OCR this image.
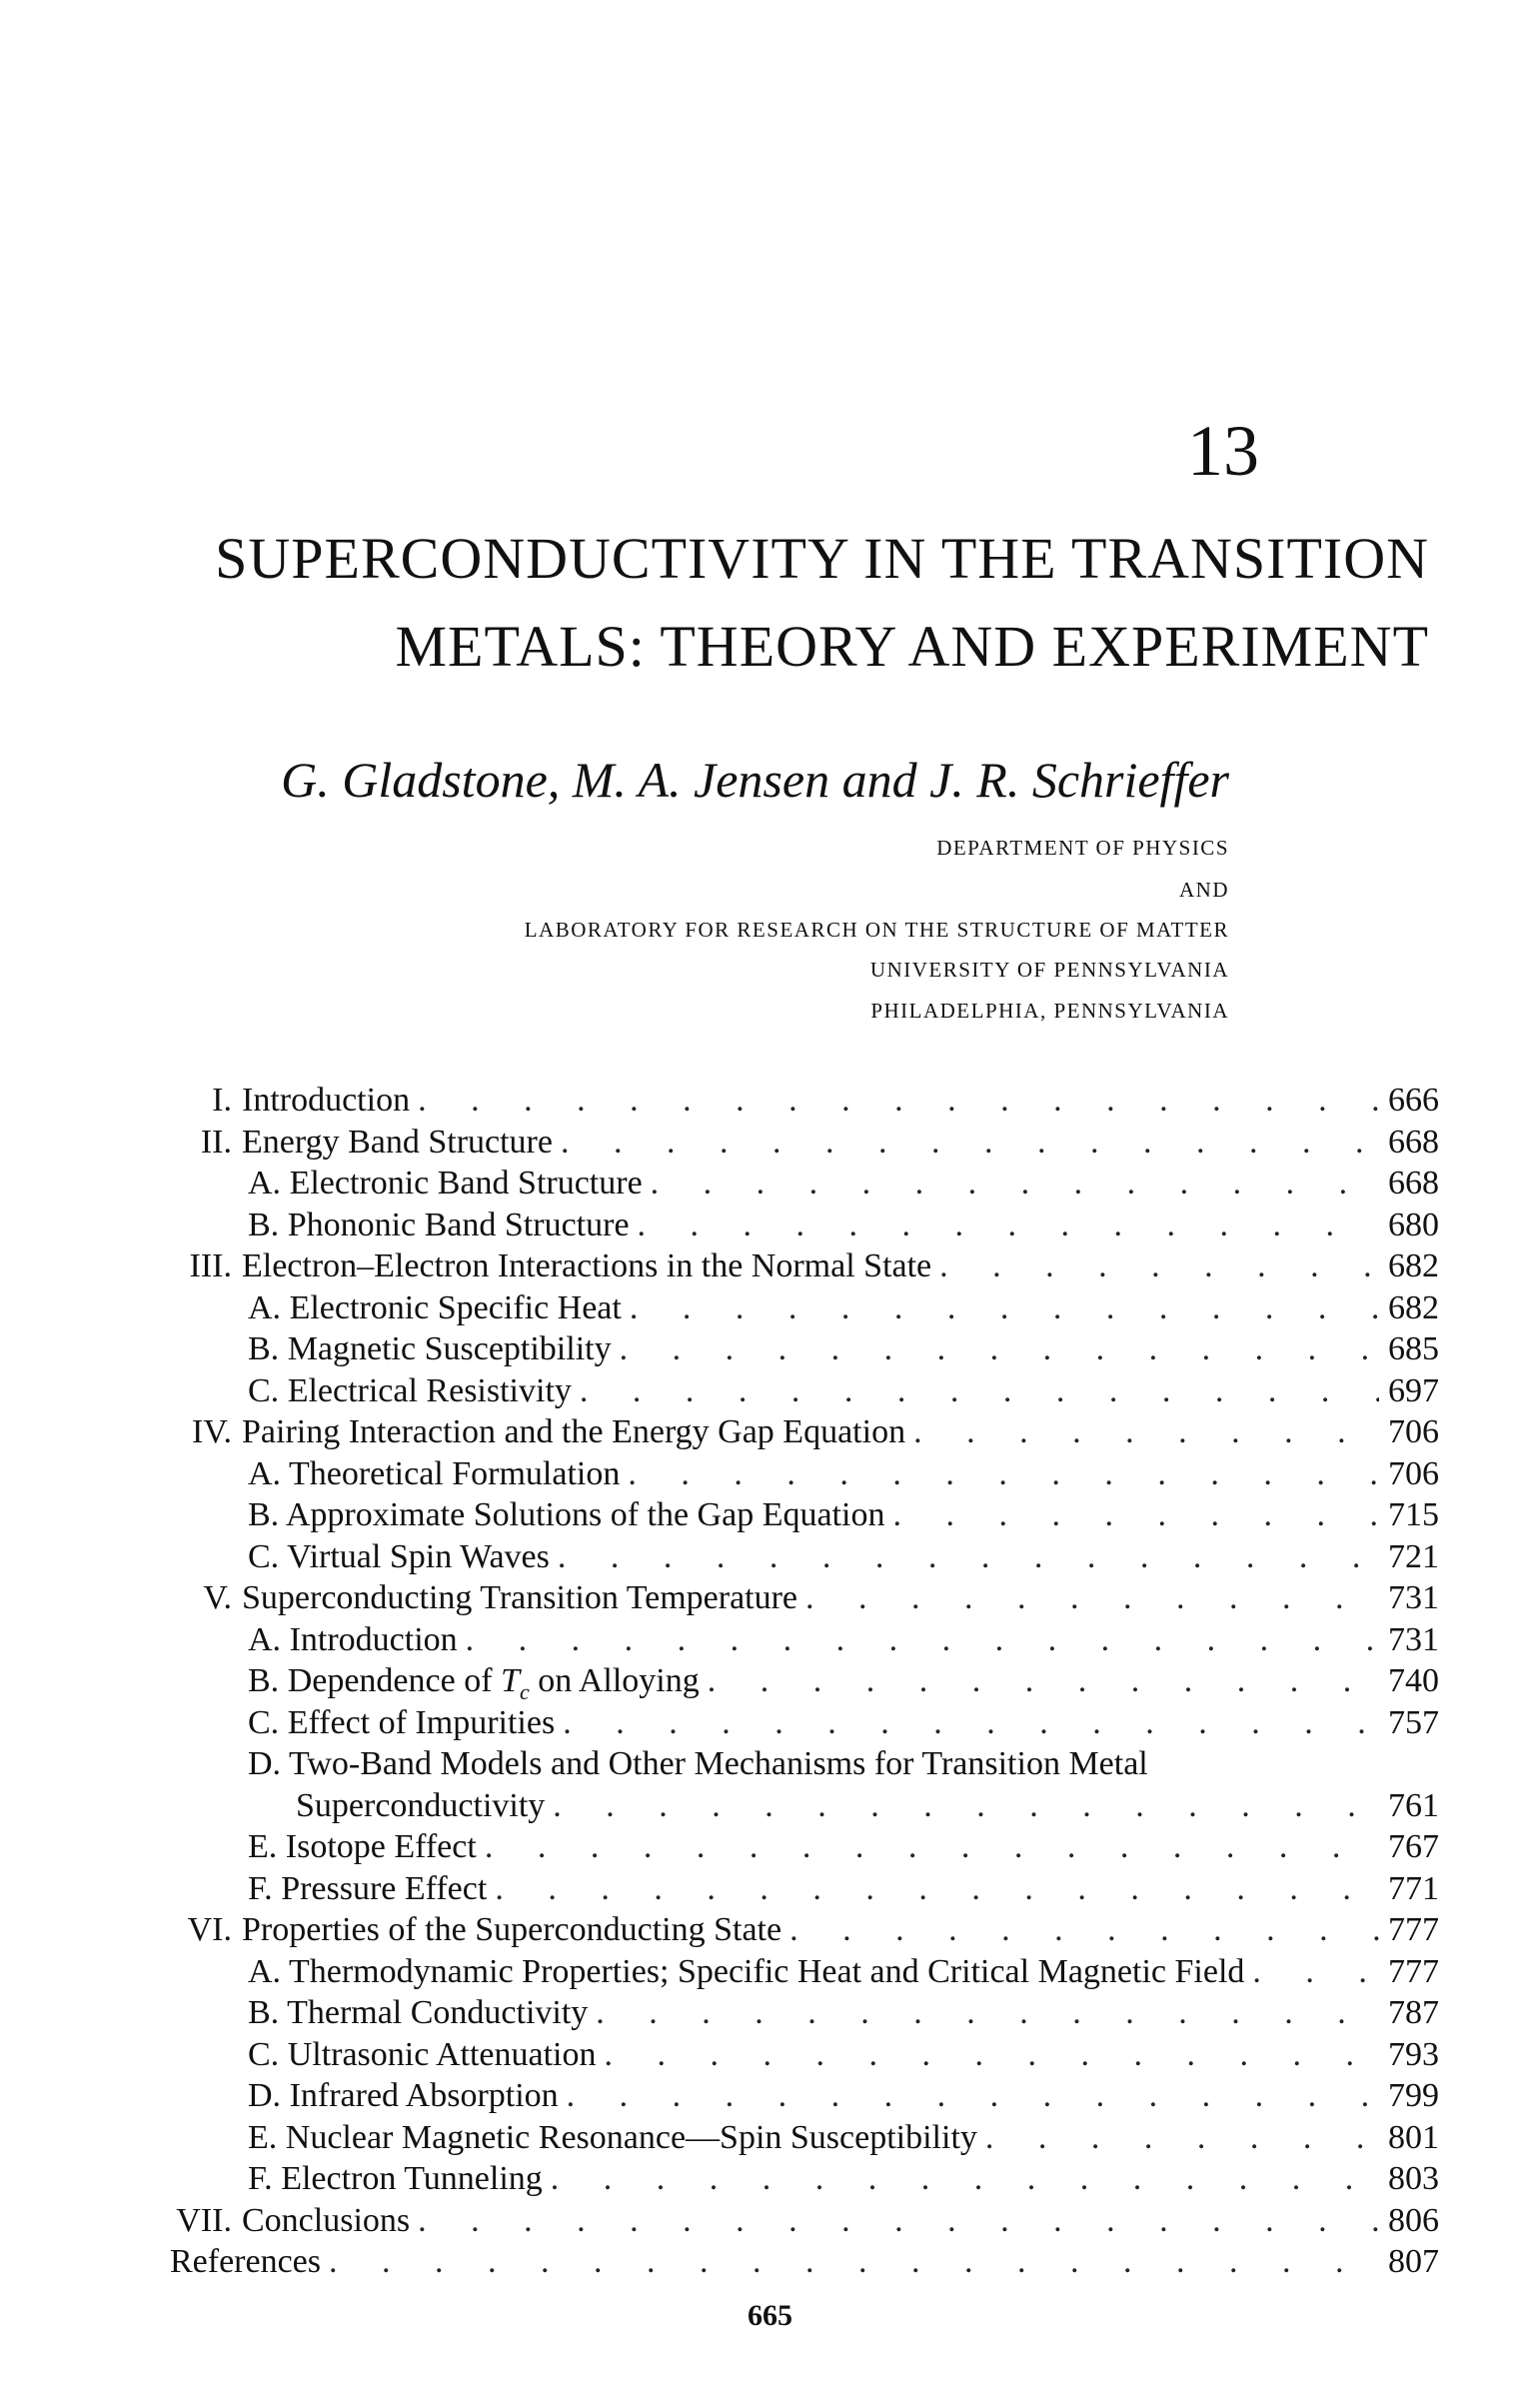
13
SUPERCONDUCTIVITY IN THE TRANSITION
METALS: THEORY AND EXPERIMENT
G. Gladstone, M. A. Jensen and J. R. Schrieffer
DEPARTMENT OF PHYSICS
AND
LABORATORY FOR RESEARCH ON THE STRUCTURE OF MATTER
UNIVERSITY OF PENNSYLVANIA
PHILADELPHIA, PENNSYLVANIA
I. Introduction . . .	666
II. Energy Band Structure . . .	668
A. Electronic Band Structure . . .	668
B. Phononic Band Structure . . .	680
III. Electron–Electron Interactions in the Normal State . . .	682
A. Electronic Specific Heat . . .	682
B. Magnetic Susceptibility . . .	685
C. Electrical Resistivity . . .	697
IV. Pairing Interaction and the Energy Gap Equation . . .	706
A. Theoretical Formulation . . .	706
B. Approximate Solutions of the Gap Equation . . .	715
C. Virtual Spin Waves . . .	721
V. Superconducting Transition Temperature . . .	731
A. Introduction . . .	731
B. Dependence of $T_c$ on Alloying . . .	740
C. Effect of Impurities . . .	757
D. Two-Band Models and Other Mechanisms for Transition Metal
Superconductivity . . .	761
E. Isotope Effect . . .	767
F. Pressure Effect . . .	771
VI. Properties of the Superconducting State . . .	777
A. Thermodynamic Properties; Specific Heat and Critical Magnetic Field . . .	777
B. Thermal Conductivity . . .	787
C. Ultrasonic Attenuation . . .	793
D. Infrared Absorption . . .	799
E. Nuclear Magnetic Resonance—Spin Susceptibility . . .	801
F. Electron Tunneling . . .	803
VII. Conclusions . . .	806
References . . .	807
665
